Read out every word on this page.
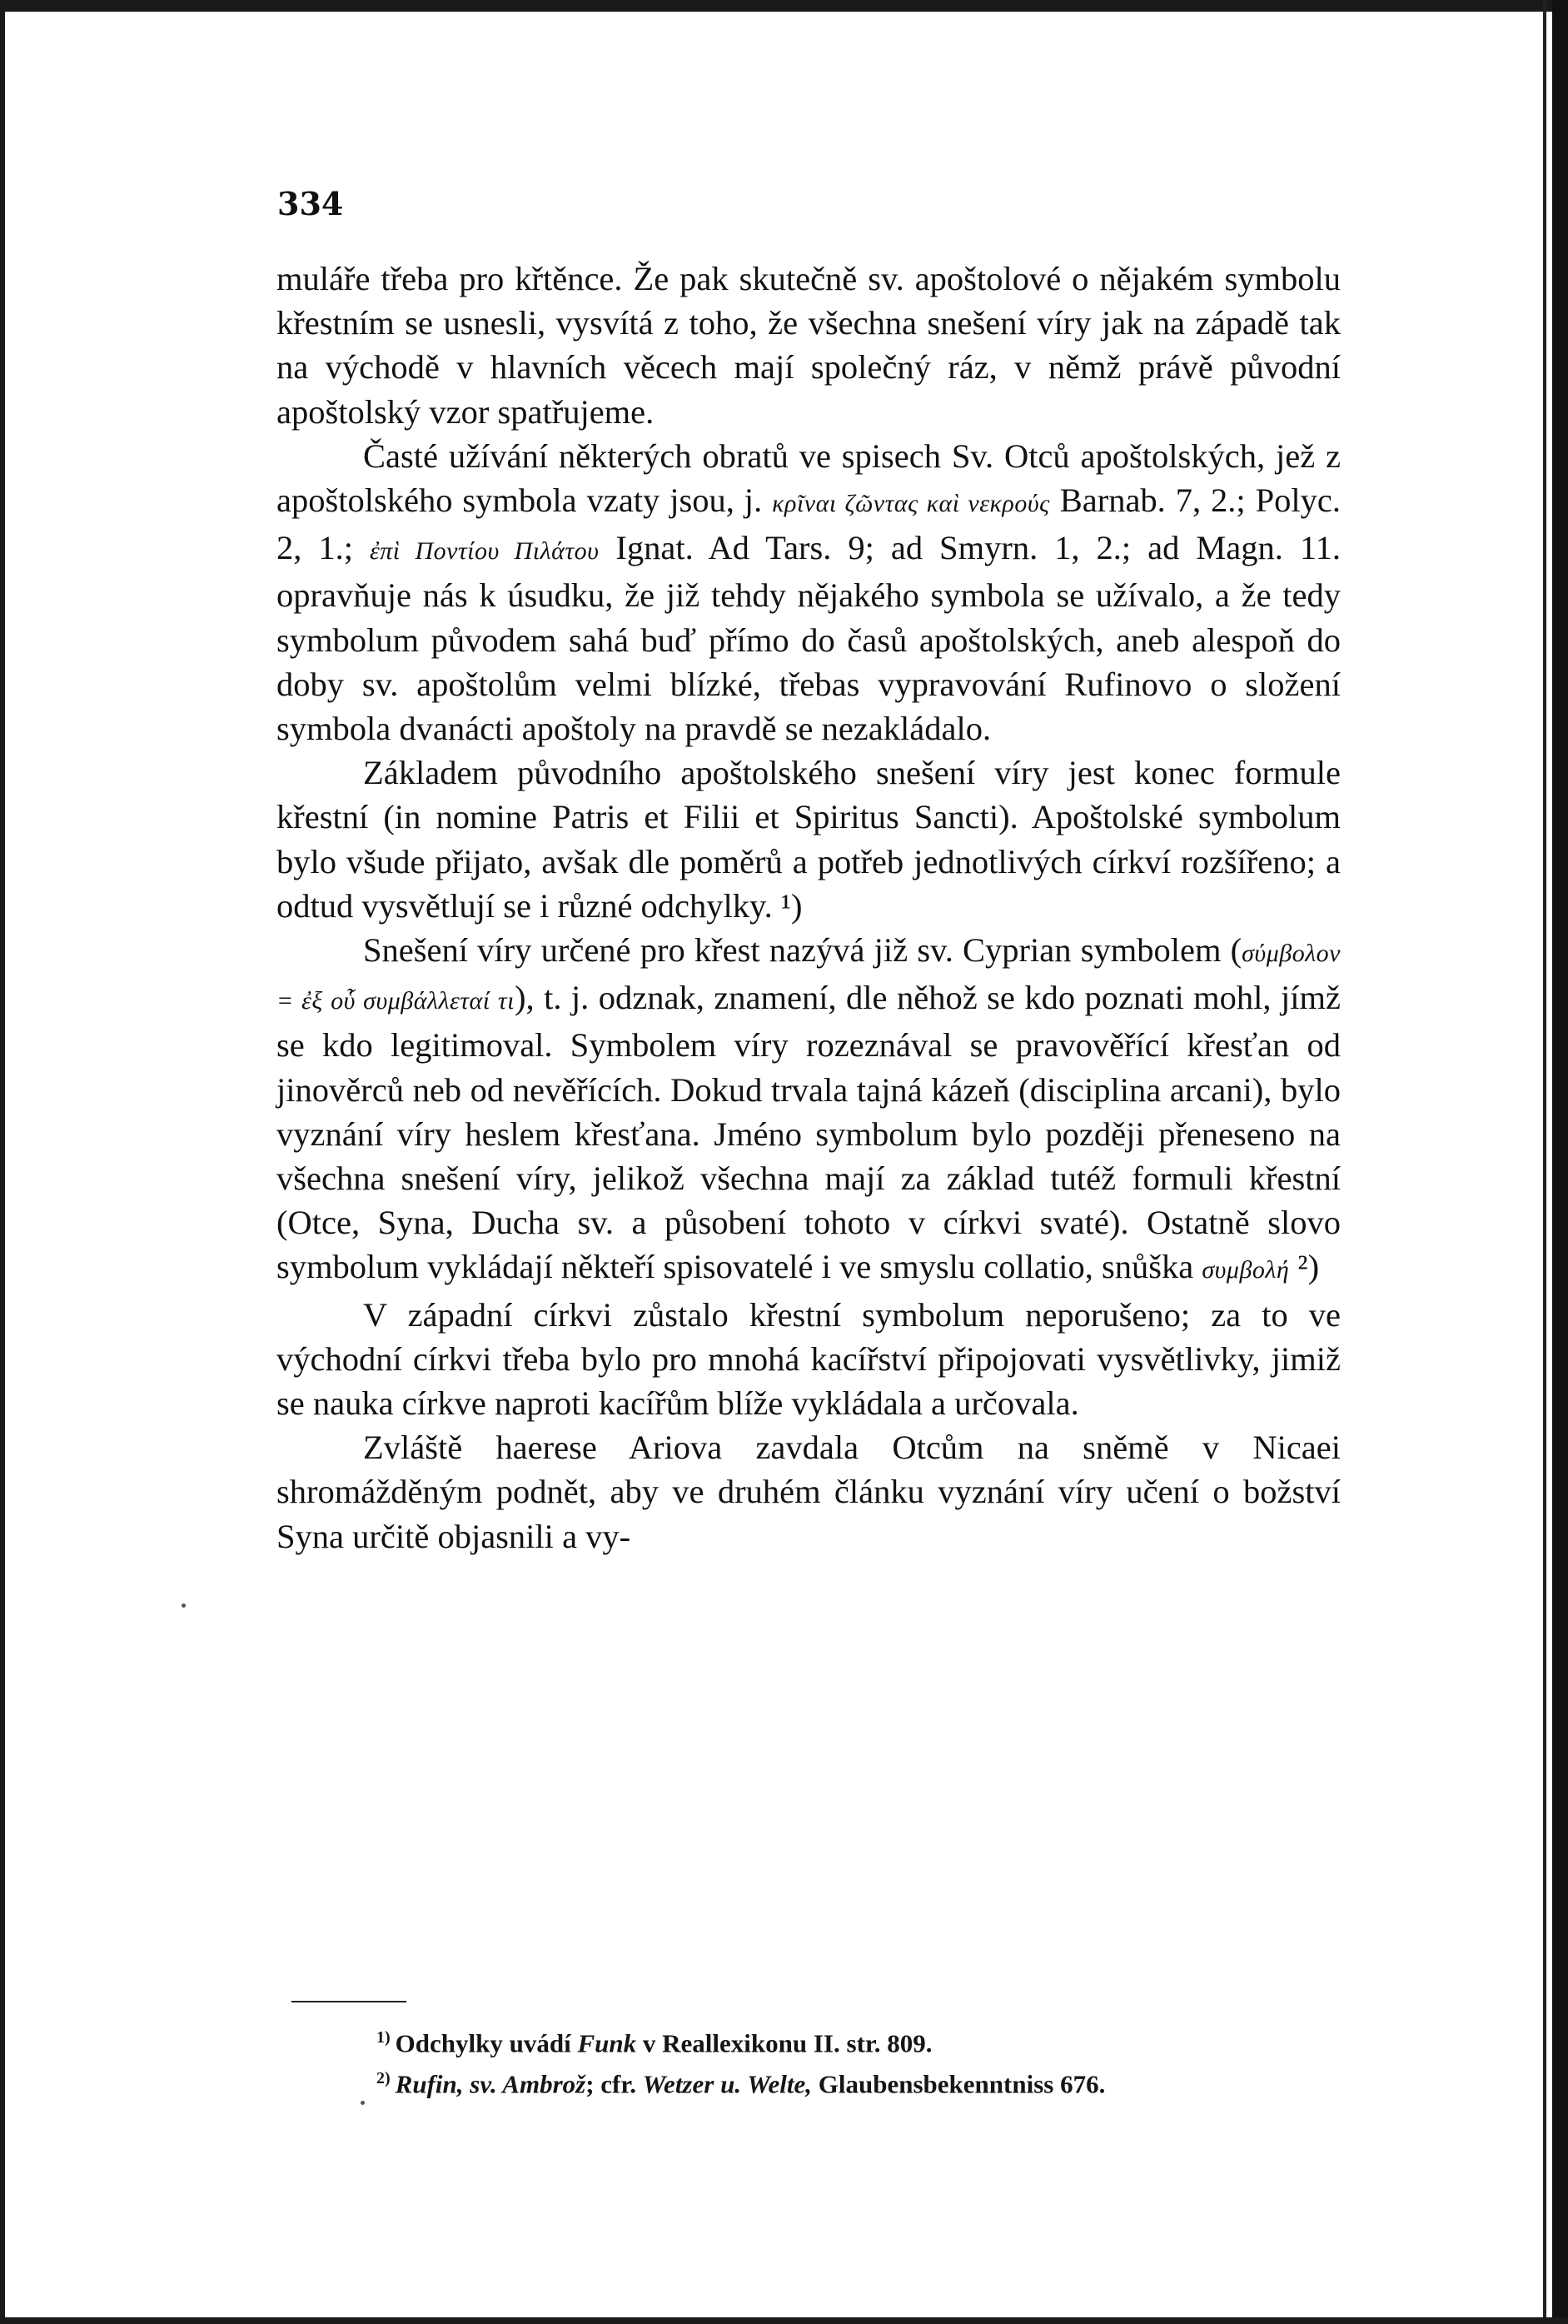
334

muláře třeba pro křtěnce. Že pak skutečně sv. apoštolové o nějakém symbolu křestním se usnesli, vysvítá z toho, že všechna snešení víry jak na západě tak na východě v hlavních věcech mají společný ráz, v němž právě původní apoštolský vzor spatřujeme.

Časté užívání některých obratů ve spisech Sv. Otců apoštolských, jež z apoštolského symbola vzaty jsou, j. κρῖναι ζῶντας καὶ νεκρούς Barnab. 7, 2.; Polyc. 2, 1.; ἐπὶ Ποντίου Πιλάτου Ignat. Ad Tars. 9; ad Smyrn. 1, 2.; ad Magn. 11. opravňuje nás k úsudku, že již tehdy nějakého symbola se užívalo, a že tedy symbolum původem sahá buď přímo do časů apoštolských, aneb alespoň do doby sv. apoštolům velmi blízké, třebas vypravování Rufinovo o složení symbola dvanácti apoštoly na pravdě se nezakládalo.

Základem původního apoštolského snešení víry jest konec formule křestní (in nomine Patris et Filii et Spiritus Sancti). Apoštolské symbolum bylo všude přijato, avšak dle poměrů a potřeb jednotlivých církví rozšířeno; a odtud vysvětlují se i různé odchylky. ¹)

Snešení víry určené pro křest nazývá již sv. Cyprian symbolem (σύμβολον = ἐξ οὗ συμβάλλεταί τι), t. j. odznak, znamení, dle něhož se kdo poznati mohl, jímž se kdo legitimoval. Symbolem víry rozeznával se pravověřící křesťan od jinověrců neb od nevěřících. Dokud trvala tajná kázeň (disciplina arcani), bylo vyznání víry heslem křesťana. Jméno symbolum bylo později přeneseno na všechna snešení víry, jelikož všechna mají za základ tutéž formuli křestní (Otce, Syna, Ducha sv. a působení tohoto v církvi svaté). Ostatně slovo symbolum vykládají někteří spisovatelé i ve smyslu collatio, snůška συμβολή ²)

V západní církvi zůstalo křestní symbolum neporušeno; za to ve východní církvi třeba bylo pro mnohá kacířství připojovati vysvětlivky, jimiž se nauka církve naproti kacířům blíže vykládala a určovala.

Zvláště haerese Ariova zavdala Otcům na sněmě v Nicaei shromážděným podnět, aby ve druhém článku vyznání víry učení o božství Syna určitě objasnili a vy-

$^{1)}$ Odchylky uvádí Funk v Reallexikonu II. str. 809.

$^{2)}$ Rufin, sv. Ambrož; cfr. Wetzer u. Welte, Glaubensbekenntniss 676.
